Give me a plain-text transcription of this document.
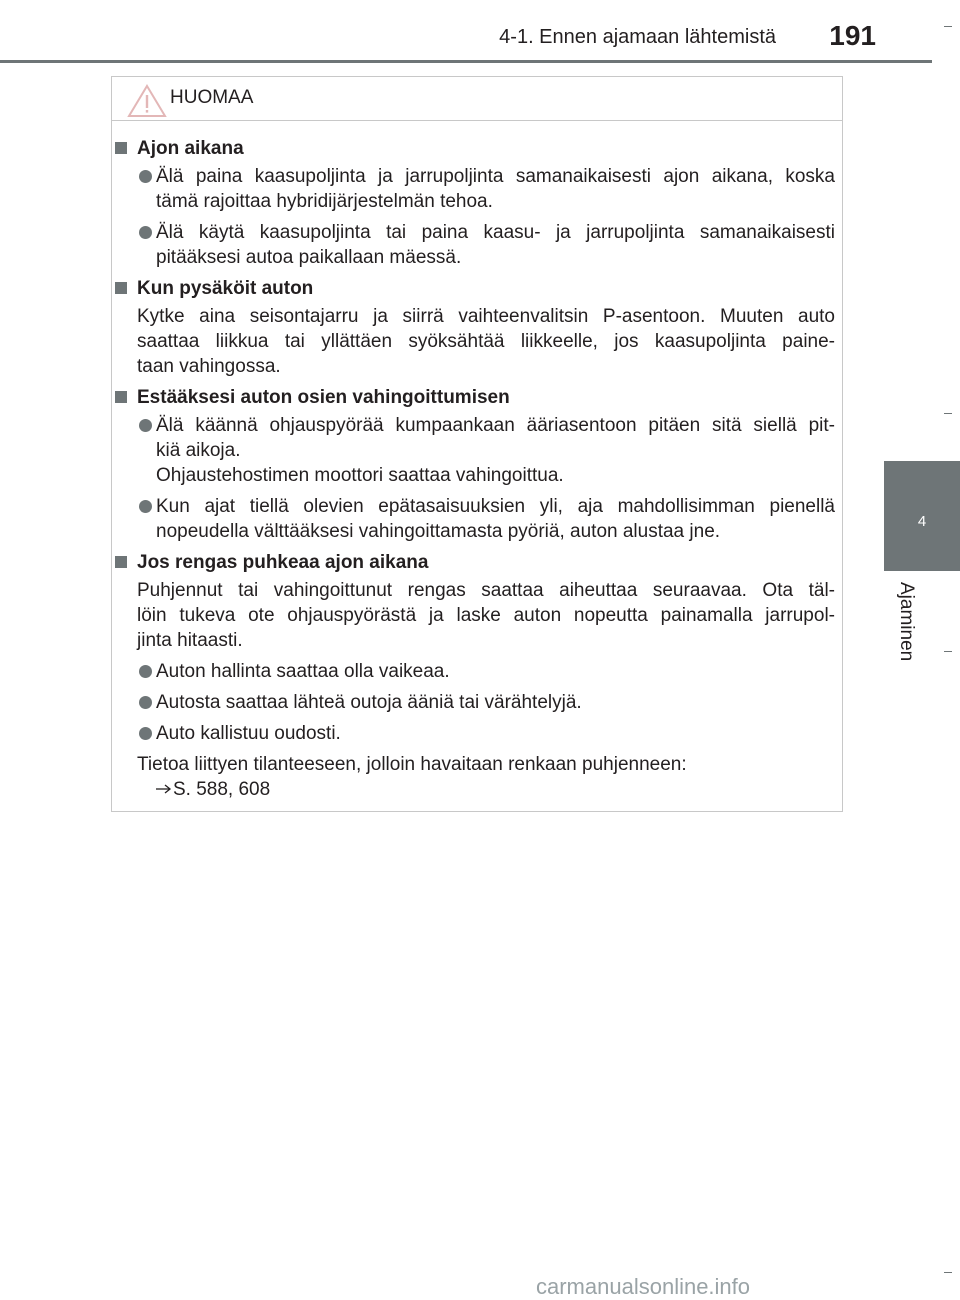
4-1. Ennen ajamaan lähtemistä	191
4
Ajaminen
HUOMAA
Ajon aikana
Älä paina kaasupoljinta ja jarrupoljinta samanaikaisesti ajon aikana, koska
tämä rajoittaa hybridijärjestelmän tehoa.
Älä käytä kaasupoljinta tai paina kaasu- ja jarrupoljinta samanaikaisesti
pitääksesi autoa paikallaan mäessä.
Kun pysäköit auton
Kytke aina seisontajarru ja siirrä vaihteenvalitsin P-asentoon. Muuten auto
saattaa liikkua tai yllättäen syöksähtää liikkeelle, jos kaasupoljinta paine-
taan vahingossa.
Estääksesi auton osien vahingoittumisen
Älä käännä ohjauspyörää kumpaankaan ääriasentoon pitäen sitä siellä pit-
kiä aikoja.
Ohjaustehostimen moottori saattaa vahingoittua.
Kun ajat tiellä olevien epätasaisuuksien yli, aja mahdollisimman pienellä
nopeudella välttääksesi vahingoittamasta pyöriä, auton alustaa jne.
Jos rengas puhkeaa ajon aikana
Puhjennut tai vahingoittunut rengas saattaa aiheuttaa seuraavaa. Ota täl-
löin tukeva ote ohjauspyörästä ja laske auton nopeutta painamalla jarrupol-
jinta hitaasti.
Auton hallinta saattaa olla vaikeaa.
Autosta saattaa lähteä outoja ääniä tai värähtelyjä.
Auto kallistuu oudosti.
Tietoa liittyen tilanteeseen, jolloin havaitaan renkaan puhjenneen:
S. 588, 608
carmanualsonline.info
